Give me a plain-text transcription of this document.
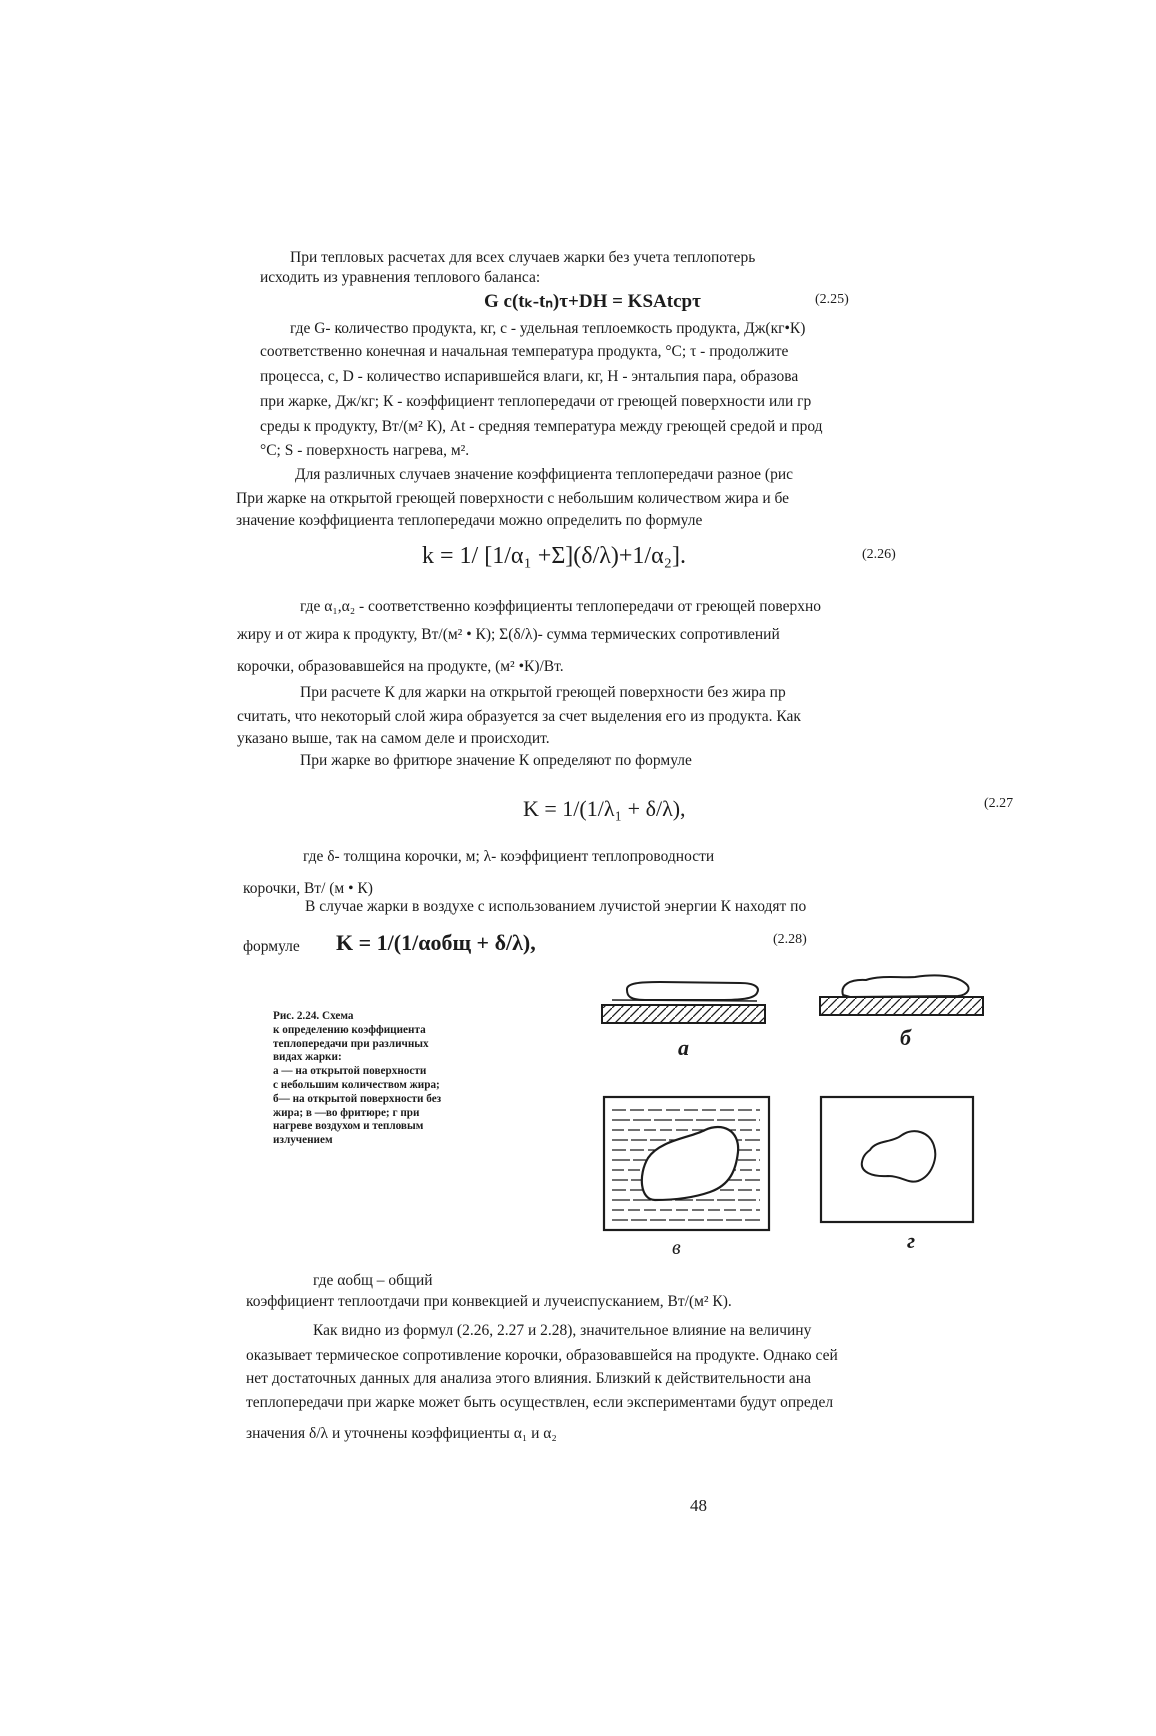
При тепловых расчетах для всех случаев жарки без учета теплопотерь
исходить из уравнения теплового баланса:
G c(tₖ-tₙ)τ+DH = KSAtcpτ	(2.25)
где G- количество продукта, кг, с - удельная теплоемкость продукта, Дж(кг•К)
соответственно конечная и начальная температура продукта, °С; τ - продолжите
процесса, с, D - количество испарившейся влаги, кг, Н - энтальпия пара, образова
при жарке, Дж/кг; К - коэффициент теплопередачи от греющей поверхности или гр
среды к продукту, Вт/(м² К), At - средняя температура между греющей средой и прод
°С; S - поверхность нагрева, м².
Для различных случаев значение коэффициента теплопередачи разное (рис
При жарке на открытой греющей поверхности с небольшим количеством жира и бе
значение коэффициента теплопередачи можно определить по формуле
k = 1/ [1/α₁ +Σ](δ/λ)+1/α₂].	(2.26)
где α₁,α₂ - соответственно коэффициенты теплопередачи от греющей поверхно
жиру и от жира к продукту, Вт/(м² • К); Σ(δ/λ)- сумма термических сопротивлений
корочки, образовавшейся на продукте, (м² •К)/Вт.
При расчете К для жарки на открытой греющей поверхности без жира пр
считать, что некоторый слой жира образуется за счет выделения его из продукта. Как
указано выше, так на самом деле и происходит.
При жарке во фритюре значение К определяют по формуле
K = 1/(1/λ₁ + δ/λ),	(2.27
где δ- толщина корочки, м; λ- коэффициент теплопроводности
корочки, Вт/ (м • К)
В случае жарки в воздухе с использованием лучистой энергии К находят по
формуле K = 1/(1/αобщ + δ/λ),	(2.28)
Рис. 2.24. Схема
к определению коэффициента
теплопередачи при различных
видах жарки:
а — на открытой поверхности
с небольшим количеством жира;
б— на открытой поверхности без
жира; в —во фритюре; г при
нагреве воздухом и тепловым
излучением
а	б
в	г
где αобщ – общий
коэффициент теплоотдачи при конвекцией и лучеиспусканием, Вт/(м² К).
Как видно из формул (2.26, 2.27 и 2.28), значительное влияние на величину
оказывает термическое сопротивление корочки, образовавшейся на продукте. Однако сей
нет достаточных данных для анализа этого влияния. Близкий к действительности ана
теплопередачи при жарке может быть осуществлен, если экспериментами будут определ
значения δ/λ и уточнены коэффициенты α₁ и α₂
48
